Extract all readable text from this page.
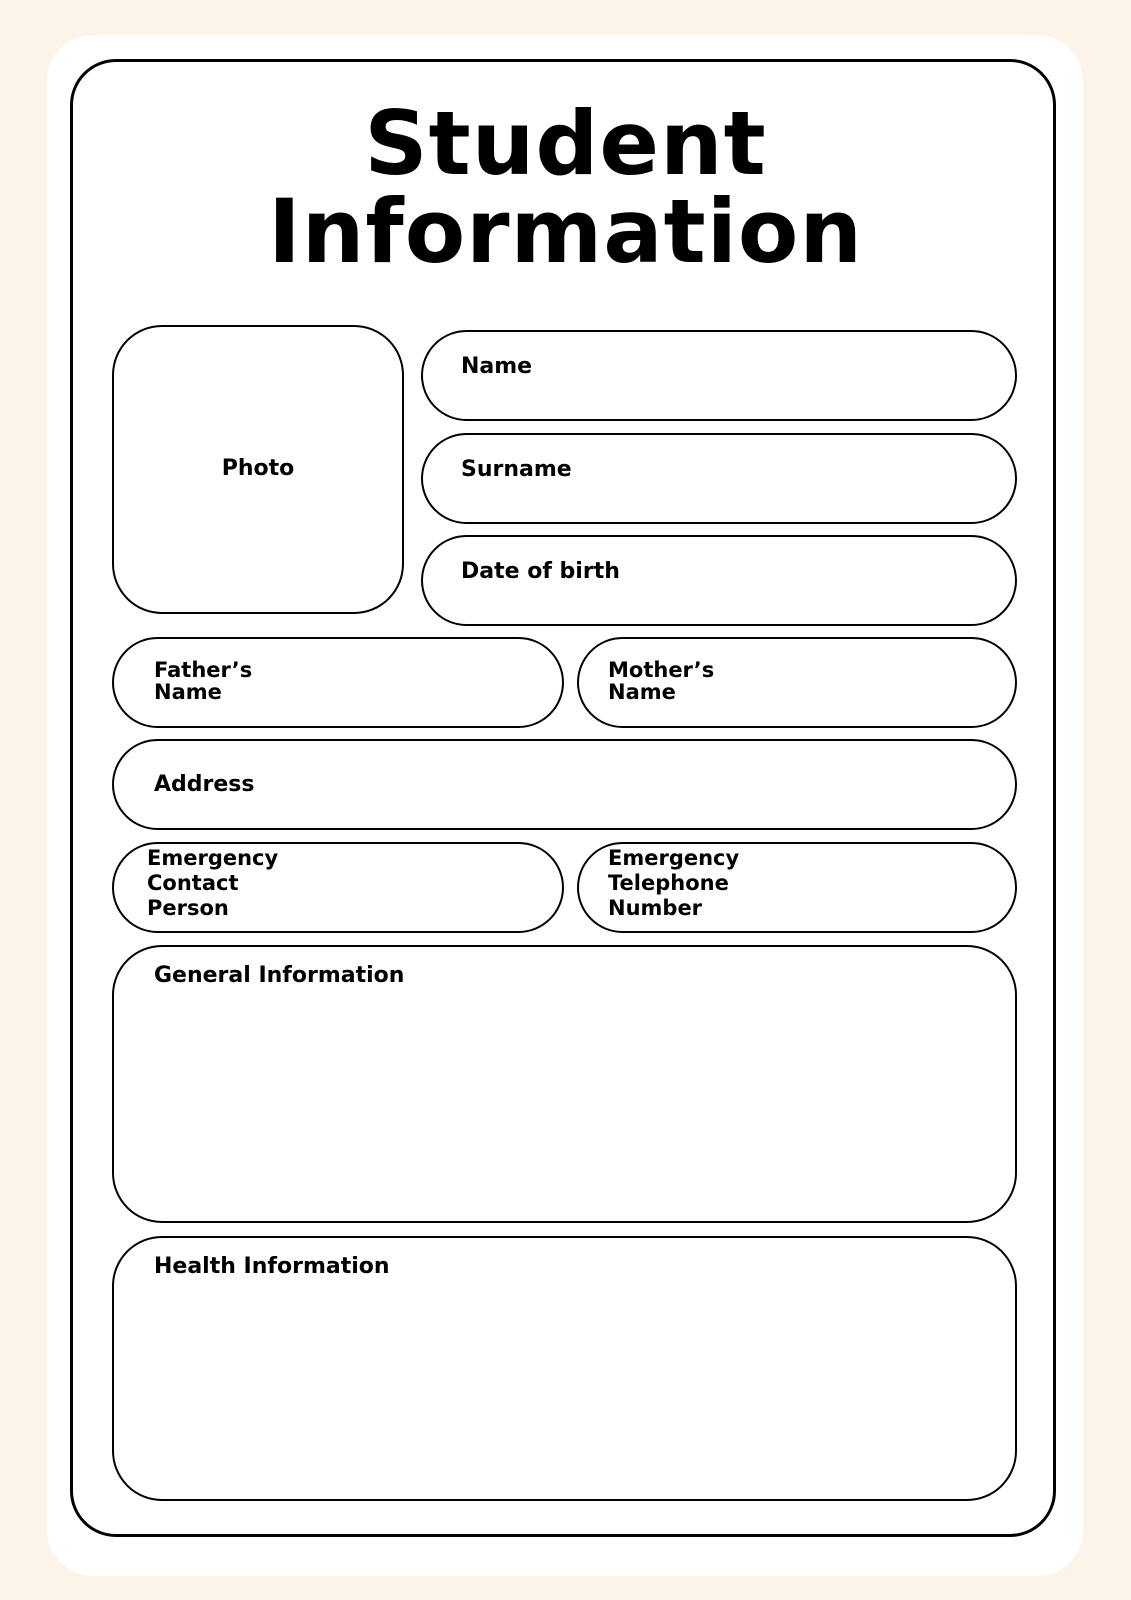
Student
Information
Photo
Name
Surname
Date of birth
Father’s
Name
Mother’s
Name
Address
Emergency
Contact
Person
Emergency
Telephone
Number
General Information
Health Information
